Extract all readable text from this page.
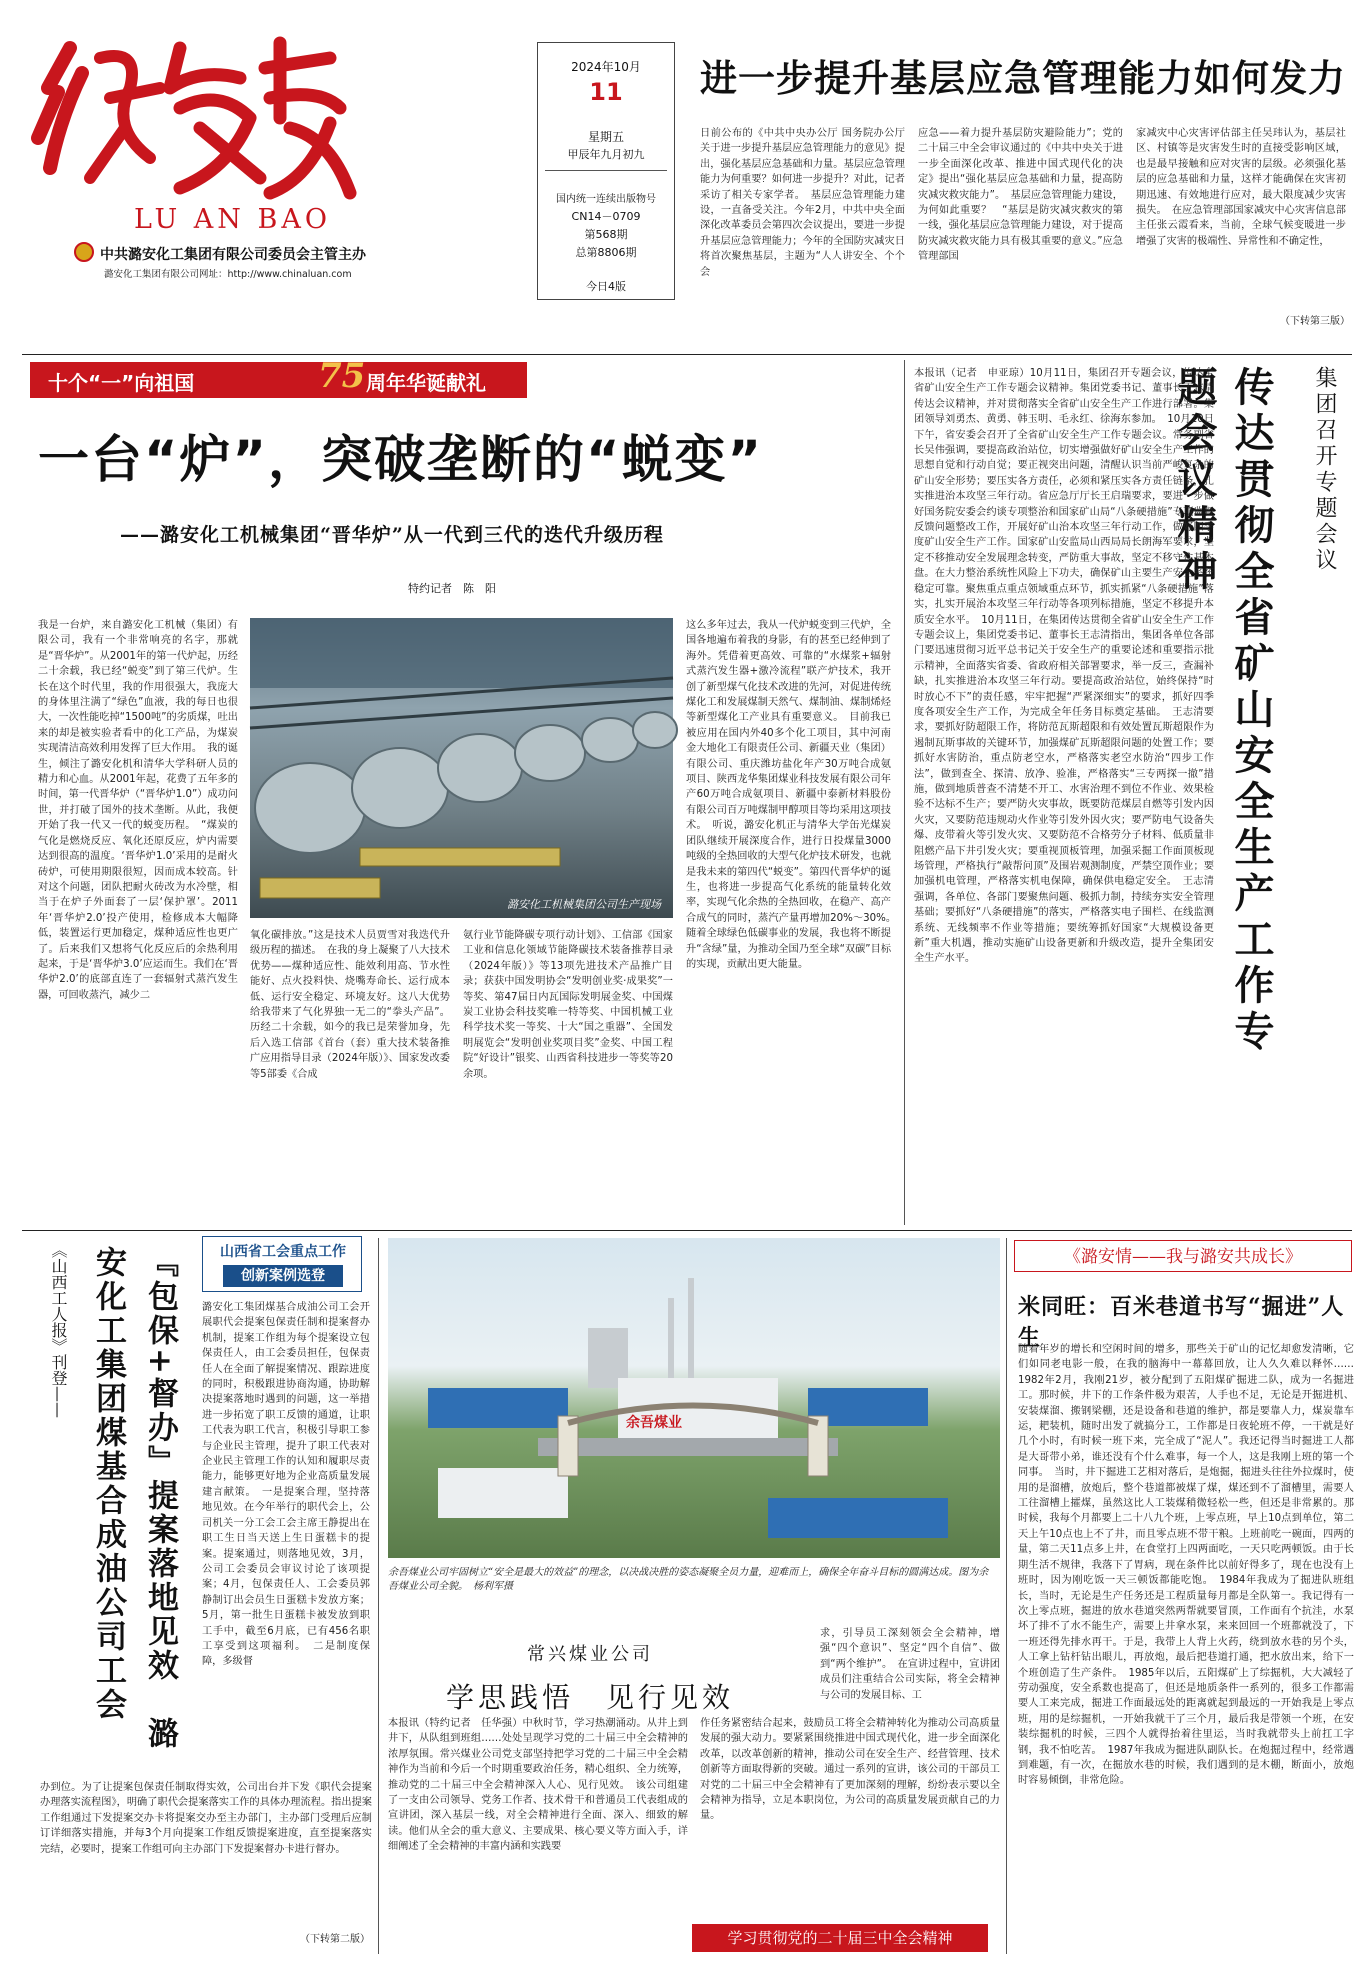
LU AN BAO
中共潞安化工集团有限公司委员会主管主办
潞安化工集团有限公司网址：http://www.chinaluan.com
2024年10月
11
星期五
甲辰年九月初九
国内统一连续出版物号
CN14－0709
第568期
总第8806期
今日4版
进一步提升基层应急管理能力如何发力
日前公布的《中共中央办公厅 国务院办公厅关于进一步提升基层应急管理能力的意见》提出，强化基层应急基础和力量。基层应急管理能力为何重要？如何进一步提升？对此，记者采访了相关专家学者。　基层应急管理能力建设，一直备受关注。今年2月，中共中央全面深化改革委员会第四次会议提出，要进一步提升基层应急管理能力；今年的全国防灾减灾日将首次聚焦基层，主题为“人人讲安全、个个会
应急——着力提升基层防灾避险能力”；党的二十届三中全会审议通过的《中共中央关于进一步全面深化改革、推进中国式现代化的决定》提出“强化基层应急基础和力量，提高防灾减灾救灾能力”。　基层应急管理能力建设，为何如此重要？　“基层是防灾减灾救灾的第一线，强化基层应急管理能力建设，对于提高防灾减灾救灾能力具有极其重要的意义。”应急管理部国
家减灾中心灾害评估部主任吴玮认为，基层社区、村镇等是灾害发生时的直接受影响区域，也是最早接触和应对灾害的层级。必须强化基层的应急基础和力量，这样才能确保在灾害初期迅速、有效地进行应对，最大限度减少灾害损失。　在应急管理部国家减灾中心灾害信息部主任张云霞看来，当前，全球气候变暖进一步增强了灾害的极端性、异常性和不确定性，
（下转第三版）
十个“一”向祖国	75 周年华诞献礼
一台“炉”，突破垄断的“蜕变”
——潞安化工机械集团“晋华炉”从一代到三代的迭代升级历程
特约记者　陈　阳
潞安化工机械集团公司生产现场
我是一台炉，来自潞安化工机械（集团）有限公司，我有一个非常响亮的名字，那就是“晋华炉”。从2001年的第一代炉起，历经二十余载，我已经“蜕变”到了第三代炉。生长在这个时代里，我的作用很强大，我庞大的身体里注满了“绿色”血液，我的每日也很大，一次性能吃掉“1500吨”的劣质煤，吐出来的却是被实验者看中的化工产品，为煤炭实现清洁高效利用发挥了巨大作用。　我的诞生，倾注了潞安化机和清华大学科研人员的精力和心血。从2001年起，花费了五年多的时间，第一代晋华炉（“晋华炉1.0”）成功问世，并打破了国外的技术垄断。从此，我便开始了我一代又一代的蜕变历程。　“煤炭的气化是燃烧反应、氧化还原反应，炉内需要达到很高的温度。‘晋华炉1.0’采用的是耐火砖炉，可使用期限很短，因而成本较高。针对这个问题，团队把耐火砖改为水冷壁，相当于在炉子外面套了一层‘保护罩’。2011年‘晋华炉2.0’投产使用，检修成本大幅降低，装置运行更加稳定，煤种适应性也更广了。后来我们又想将气化反应后的余热利用起来，于是‘晋华炉3.0’应运而生。我们在‘晋华炉2.0’的底部直连了一套辐射式蒸汽发生器，可回收蒸汽，减少二
氧化碳排放。”这是技术人员贾雪对我迭代升级历程的描述。　在我的身上凝聚了八大技术优势——煤种适应性、能效利用高、节水性能好、点火投料快、烧嘴寿命长、运行成本低、运行安全稳定、环境友好。这八大优势给我带来了气化界独一无二的“拳头产品”。历经二十余载，如今的我已是荣誉加身，先后入选工信部《首台（套）重大技术装备推广应用指导目录（2024年版）》、国家发改委等5部委《合成
氨行业节能降碳专项行动计划》、工信部《国家工业和信息化领域节能降碳技术装备推荐目录（2024年版）》等13项先进技术产品推广目录；获获中国发明协会“发明创业奖·成果奖”一等奖、第47届日内瓦国际发明展金奖、中国煤炭工业协会科技奖唯一特等奖、中国机械工业科学技术奖一等奖、十大“国之重器”、全国发明展览会“发明创业奖项目奖”金奖、中国工程院“好设计”银奖、山西省科技进步一等奖等20余项。
这么多年过去，我从一代炉蜕变到三代炉，全国各地遍布着我的身影，有的甚至已经伸到了海外。凭借着更高效、可靠的“水煤浆+辐射式蒸汽发生器+激冷流程”联产炉技术，我开创了新型煤气化技术改进的先河，对促进传统煤化工和发展煤制天然气、煤制油、煤制烯烃等新型煤化工产业具有重要意义。　目前我已被应用在国内外40多个化工项目，其中河南金大地化工有限责任公司、新疆天业（集团）有限公司、重庆潍坊盐化年产30万吨合成氨项目、陕西龙华集团煤业科技发展有限公司年产60万吨合成氨项目、新疆中泰新材料股份有限公司百万吨煤制甲醇项目等均采用这项技术。　听说，潞安化机正与清华大学缶光煤炭团队继续开展深度合作，进行日投煤量3000吨级的全热回收的大型气化炉技术研发，也就是我未来的第四代“蜕变”。第四代晋华炉的诞生，也将进一步提高气化系统的能量转化效率，实现气化余热的全热回收，在稳产、高产合成气的同时，蒸汽产量再增加20%～30%。　随着全球绿色低碳事业的发展，我也将不断提升“含绿”量，为推动全国乃至全球“双碳”目标的实现，贡献出更大能量。	传达贯彻全省矿山安全生产工作专题会议精神	集团召开专题会议
本报讯（记者　申亚琼）10月11日，集团召开专题会议，传达全省矿山安全生产工作专题会议精神。集团党委书记、董事长王志清传达会议精神，并对贯彻落实全省矿山安全生产工作进行部署。集团领导刘勇杰、黄勇、韩玉明、毛永红、徐海东参加。　10月10日下午，省安委会召开了全省矿山安全生产工作专题会议。常务副省长吴伟强调，要提高政治站位，切实增强做好矿山安全生产工作的思想自觉和行动自觉；要正视突出问题，清醒认识当前严峻复杂的矿山安全形势；要压实各方责任，必须和紧压实各方责任链条，扎实推进治本攻坚三年行动。省应急厅厅长王启瑞要求，要进一步做好国务院安委会约谈专项整治和国家矿山局“八条硬措施”专项监督反馈问题整改工作，开展好矿山治本攻坚三年行动工作，做好四季度矿山安全生产工作。国家矿山安监局山西局局长朗海军要求，坚定不移推动安全发展理念转变，严防重大事故，坚定不移守住基本盘。在大力整治系统性风险上下功夫，确保矿山主要生产安全系统稳定可靠。聚焦重点重点领域重点环节，抓实抓紧“八条硬措施”落实，扎实开展治本攻坚三年行动等各项列标措施，坚定不移提升本质安全水平。　10月11日，在集团传达贯彻全省矿山安全生产工作专题会议上，集团党委书记、董事长王志清指出，集团各单位各部门要迅速贯彻习近平总书记关于安全生产的重要论述和重要指示批示精神，全面落实省委、省政府相关部署要求，举一反三，查漏补缺，扎实推进治本攻坚三年行动。要提高政治站位，始终保持“时时放心不下”的责任感，牢牢把握“严紧深细实”的要求，抓好四季度各项安全生产工作，为完成全年任务目标奠定基础。　王志清要求，要抓好防超限工作，将防范瓦斯超限和有效处置瓦斯超限作为遏制瓦斯事故的关键环节，加强煤矿瓦斯超限问题的处置工作；要抓好水害防治，重点防老空水，严格落实老空水防治“四步工作法”，做到查全、探清、放净、验准，严格落实“三专两探一撤”措施，做到地质普查不清楚不开工、水害治理不到位不作业、效果检验不达标不生产；要严防火灾事故，既要防范煤层自燃等引发内因火灾，又要防范违规动火作业等引发外因火灾；要严防电气设备失爆、皮带着火等引发火灾、又要防范不合格劳分子材料、低质量非阻燃产品下井引发火灾；要重视顶板管理，加强采掘工作面顶板现场管理，严格执行“敲帮问顶”及围岩观测制度，严禁空顶作业；要加强机电管理，严格落实机电保障，确保供电稳定安全。　王志清强调，各单位、各部门要聚焦问题、极抓力制，持续夯实安全管理基础；要抓好“八条硬措施”的落实，严格落实电子围栏、在线监测系统、无线频率不作业等措施；要统筹抓好国家“大规模设备更新”重大机遇，推动实施矿山设备更新和升级改造，提升全集团安全生产水平。
《山西工人报》刊登——	『包保+督办』提案落地见效　潞安化工集团煤基合成油公司工会	山西省工会重点工作
创新案例选登
潞安化工集团煤基合成油公司工会开展职代会提案包保责任制和提案督办机制，提案工作组为每个提案设立包保责任人，由工会委员担任，包保责任人在全面了解提案情况、跟踪进度的同时，积极跟进协商沟通，协助解决提案落地时遇到的问题，这一举措进一步拓宽了职工反馈的通道，让职工代表为职工代言，积极引导职工参与企业民主管理，提升了职工代表对企业民主管理工作的认知和履职尽责能力，能够更好地为企业高质量发展建言献策。　一是提案合理，坚持落地见效。在今年举行的职代会上，公司机关一分工会工会主席王静提出在职工生日当天送上生日蛋糕卡的提案。提案通过，则落地见效，3月，公司工会委员会审议讨论了该项提案；4月，包保责任人、工会委员郭静制订出会员生日蛋糕卡发放方案；5月，第一批生日蛋糕卡被发放到职工手中，截至6月底，已有456名职工享受到这项福利。　二是制度保障，多级督
办到位。为了让提案包保责任制取得实效，公司出台并下发《职代会提案办理落实流程图》，明确了职代会提案落实工作的具体办理流程。指出提案工作组通过下发提案交办卡将提案交办至主办部门，主办部门受理后应制订详细落实措施，并每3个月向提案工作组反馈提案进度，直至提案落实完结，必要时，提案工作组可向主办部门下发提案督办卡进行督办。
（下转第二版）
余吾煤业
余吾煤业公司牢固树立“安全是最大的效益”的理念，以决战决胜的姿态凝聚全员力量，迎难而上，确保全年奋斗目标的圆满达成。图为余吾煤业公司全貌。　杨利军摄
常兴煤业公司
学思践悟　见行见效
本报讯（特约记者　任华强）中秋时节，学习热潮涌动。从井上到井下，从队组到班组……处处呈现学习党的二十届三中全会精神的浓厚氛围。常兴煤业公司党支部坚持把学习党的二十届三中全会精神作为当前和今后一个时期重要政治任务，精心组织、全力统筹，推动党的二十届三中全会精神深入人心、见行见效。　该公司组建了一支由公司领导、党务工作者、技术骨干和普通员工代表组成的宣讲团，深入基层一线，对全会精神进行全面、深入、细致的解读。他们从全会的重大意义、主要成果、核心要义等方面入手，详细阐述了全会精神的丰富内涵和实践要
作任务紧密结合起来，鼓励员工将全会精神转化为推动公司高质量发展的强大动力。要紧紧围绕推进中国式现代化，进一步全面深化改革，以改革创新的精神，推动公司在安全生产、经营管理、技术创新等方面取得新的突破。通过一系列的宣讲，该公司的干部员工对党的二十届三中全会精神有了更加深刻的理解，纷纷表示要以全会精神为指导，立足本职岗位，为公司的高质量发展贡献自己的力量。
求，引导员工深刻领会全会精神，增强“四个意识”、坚定“四个自信”、做到“两个维护”。　在宣讲过程中，宣讲团成员们注重结合公司实际，将全会精神与公司的发展目标、工
学习贯彻党的二十届三中全会精神
《潞安情——我与潞安共成长》
米同旺：百米巷道书写“掘进”人生
随着年岁的增长和空闲时间的增多，那些关于矿山的记忆却愈发清晰，它们如同老电影一般，在我的脑海中一幕幕回放，让人久久难以释怀……1982年2月，我刚21岁，被分配到了五阳煤矿掘进二队，成为一名掘进工。那时候，井下的工作条件极为艰苦，人手也不足，无论是开掘进机、安装煤溜、搬钢梁棚，还是设备和巷道的维护，都是要靠人力，煤炭靠车运，耙装机，随时出发了就搞分工，工作都是日夜轮班不停，一干就是好几个小时，有时候一班下来，完全成了“泥人”。我还记得当时掘进工人都是大哥带小弟，谁还没有个什么难事，每一个人，这是我刚上班的第一个同事。　当时，井下掘进工艺相对落后，是炮掘，掘进头往往外拉煤时，使用的是溜槽，放炮后，整个巷道都被煤了煤，煤还到不了溜槽里，需要人工往溜槽上攉煤，虽然这比人工装煤稍微轻松一些，但还是非常累的。那时候，我每个月都要上二十八九个班，上零点班，早上10点到单位，第二天上午10点也上不了井，而且零点班不带干粮。上班前吃一碗面，四两的量，第二天11点多上井，在食堂打上四两面吃，一天只吃两顿饭。由于长期生活不规律，我落下了胃病，现在条件比以前好得多了，现在也没有上班时，因为刚吃饭一天三顿饭都能吃饱。　1984年我成为了掘进队班组长，当时，无论是生产任务还是工程质量每月都是全队第一。我记得有一次上零点班，掘进的放水巷道突然两帮就要冒顶，工作面有个抗洼，水泵坏了排不了水不能生产，需要上井拿水泵，来来回回一个班都就没了，下一班还得先排水再干。于是，我带上人背上火药，绕到放水巷的另个头，人工拿上钻杆钻出眼儿，再放炮，最后把巷道打通，把水放出来，给下一个班创造了生产条件。　1985年以后，五阳煤矿上了综掘机，大大减轻了劳动强度，安全系数也提高了，但还是地质条件一系列的，很多工作都需要人工来完成，掘进工作面最远处的距离就起到最远的一开始我是上零点班，用的是综掘机，一开始我就干了三个月，最后我是带领一个班，在安装综掘机的时候，三四个人就得抬着往里运，当时我就带头上前扛工字钢，我不怕吃苦。　1987年我成为掘进队副队长。在炮掘过程中，经常遇到难题，有一次，在掘放水巷的时候，我们遇到的是木棚，断面小，放炮时容易倾倒，非常危险。
